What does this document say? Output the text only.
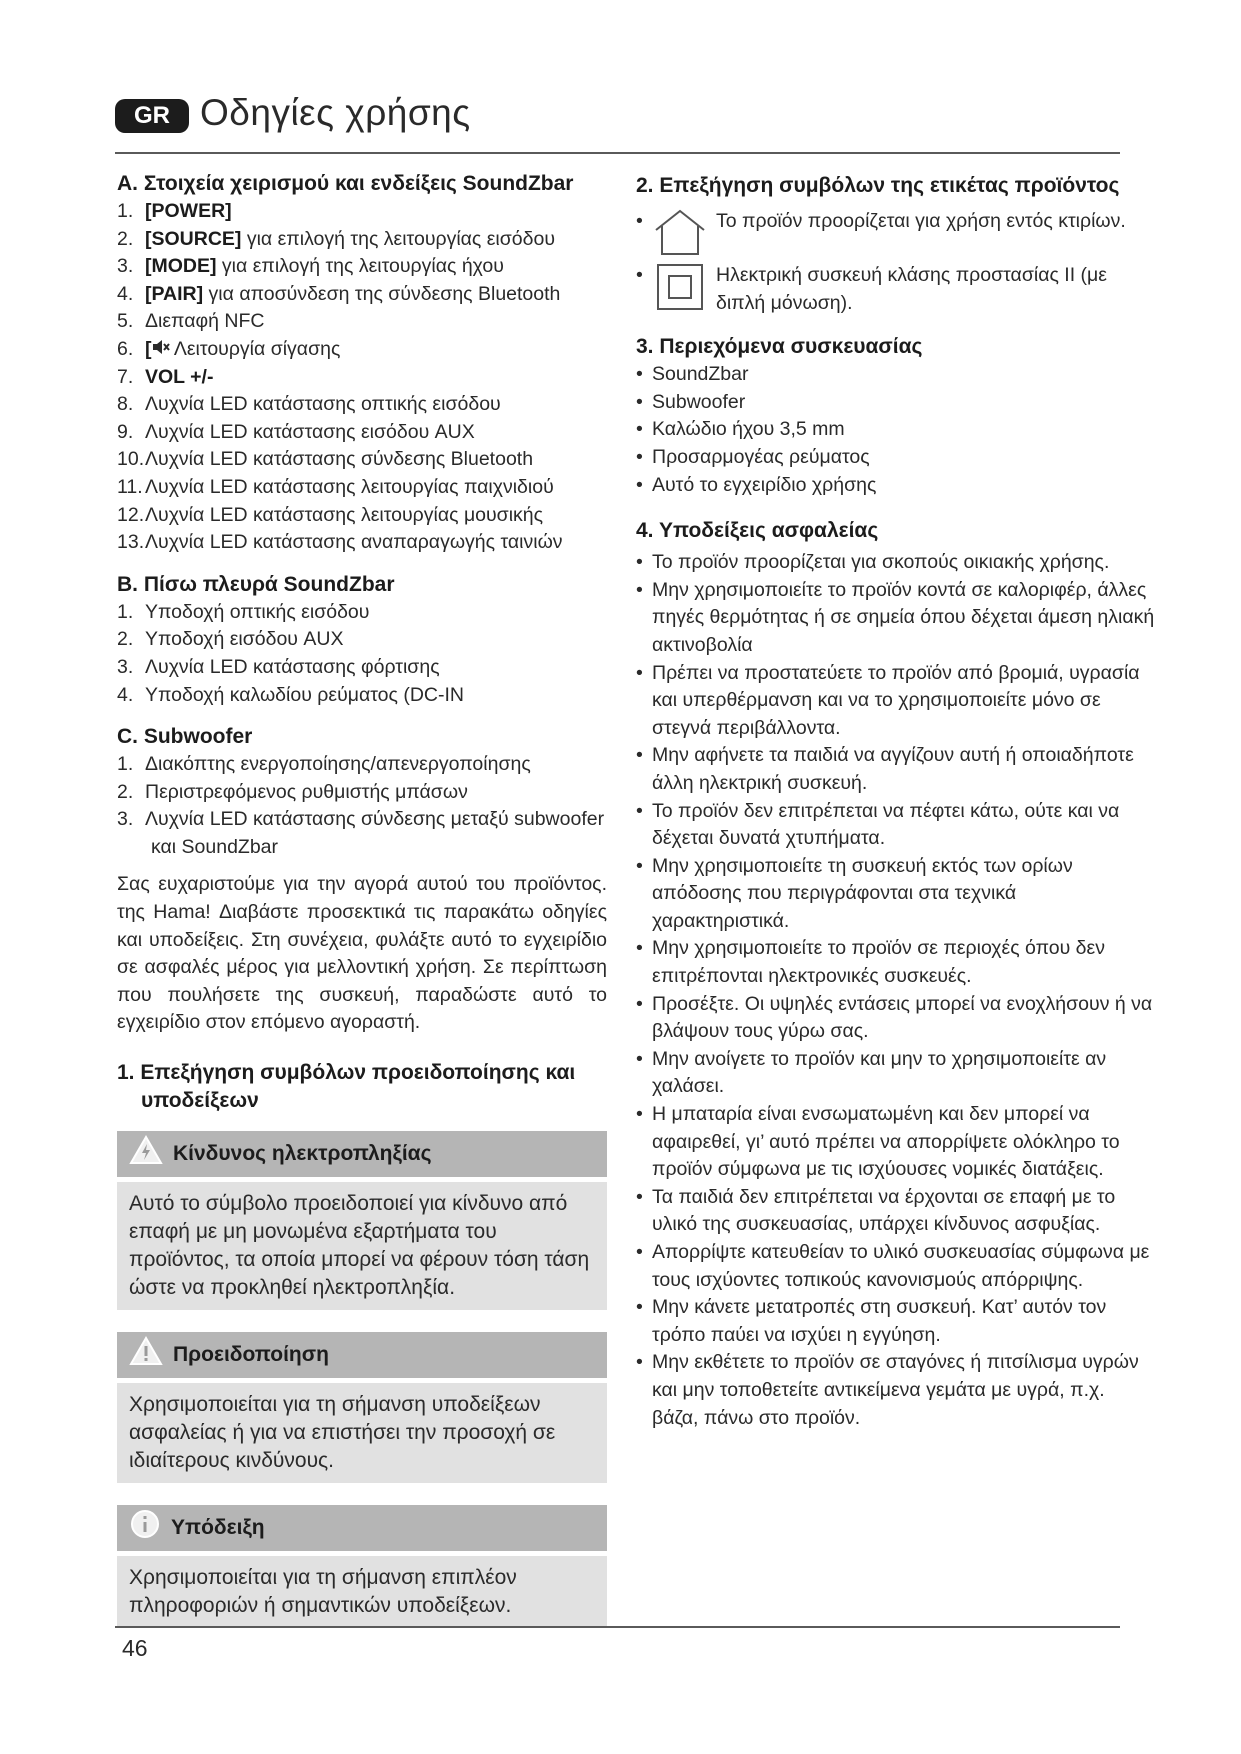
GR Οδηγίες χρήσης
A. Στοιχεία χειρισμού και ενδείξεις SoundZbar
1. [POWER]
2. [SOURCE] για επιλογή της λειτουργίας εισόδου
3. [MODE] για επιλογή της λειτουργίας ήχου
4. [PAIR] για αποσύνδεση της σύνδεσης Bluetooth
5. Διεπαφή NFC
6. [ Λειτουργία σίγασης
7. VOL +/-
8. Λυχνία LED κατάστασης οπτικής εισόδου
9. Λυχνία LED κατάστασης εισόδου AUX
10.Λυχνία LED κατάστασης σύνδεσης Bluetooth
11. Λυχνία LED κατάστασης λειτουργίας παιχνιδιού
12.Λυχνία LED κατάστασης λειτουργίας μουσικής
13.Λυχνία LED κατάστασης αναπαραγωγής ταινιών
B. Πίσω πλευρά SoundZbar
1. Υποδοχή οπτικής εισόδου
2. Υποδοχή εισόδου AUX
3. Λυχνία LED κατάστασης φόρτισης
4. Υποδοχή καλωδίου ρεύματος (DC-IN
C. Subwoofer
1. Διακόπτης ενεργοποίησης/απενεργοποίησης
2. Περιστρεφόμενος ρυθμιστής μπάσων
3. Λυχνία LED κατάστασης σύνδεσης μεταξύ subwoofer
και SoundZbar

Σας ευχαριστούμε για την αγορά αυτού του προϊόντος. της Hama! Διαβάστε προσεκτικά τις παρακάτω οδηγίες και υποδείξεις. Στη συνέχεια, φυλάξτε αυτό το εγχειρίδιο σε ασφαλές μέρος για μελλοντική χρήση. Σε περίπτωση που πουλήσετε της συσκευή, παραδώστε αυτό το εγχειρίδιο στον επόμενο αγοραστή.

1. Επεξήγηση συμβόλων προειδοποίησης και
υποδείξεων
Κίνδυνος ηλεκτροπληξίας
Αυτό το σύμβολο προειδοποιεί για κίνδυνο από επαφή με μη μονωμένα εξαρτήματα του προϊόντος, τα οποία μπορεί να φέρουν τόση τάση ώστε να προκληθεί ηλεκτροπληξία.
Προειδοποίηση
Χρησιμοποιείται για τη σήμανση υποδείξεων ασφαλείας ή για να επιστήσει την προσοχή σε ιδιαίτερους κινδύνους.
Υπόδειξη
Χρησιμοποιείται για τη σήμανση επιπλέον πληροφοριών ή σημαντικών υποδείξεων.
2. Επεξήγηση συμβόλων της ετικέτας προϊόντος
•	Το προϊόν προορίζεται για χρήση εντός κτιρίων.
•	Ηλεκτρική συσκευή κλάσης προστασίας II (με διπλή μόνωση).
3. Περιεχόμενα συσκευασίας
• SoundZbar
• Subwoofer
• Καλώδιο ήχου 3,5 mm
• Προσαρμογέας ρεύματος
• Αυτό το εγχειρίδιο χρήσης
4. Υποδείξεις ασφαλείας
• Το προϊόν προορίζεται για σκοπούς οικιακής χρήσης.
• Μην χρησιμοποιείτε το προϊόν κοντά σε καλοριφέρ, άλλες πηγές θερμότητας ή σε σημεία όπου δέχεται άμεση ηλιακή ακτινοβολία
• Πρέπει να προστατεύετε το προϊόν από βρομιά, υγρασία και υπερθέρμανση και να το χρησιμοποιείτε μόνο σε στεγνά περιβάλλοντα.
• Μην αφήνετε τα παιδιά να αγγίζουν αυτή ή οποιαδήποτε άλλη ηλεκτρική συσκευή.
• Το προϊόν δεν επιτρέπεται να πέφτει κάτω, ούτε και να δέχεται δυνατά χτυπήματα.
• Μην χρησιμοποιείτε τη συσκευή εκτός των ορίων απόδοσης που περιγράφονται στα τεχνικά χαρακτηριστικά.
• Μην χρησιμοποιείτε το προϊόν σε περιοχές όπου δεν επιτρέπονται ηλεκτρονικές συσκευές.
• Προσέξτε. Οι υψηλές εντάσεις μπορεί να ενοχλήσουν ή να βλάψουν τους γύρω σας.
• Μην ανοίγετε το προϊόν και μην το χρησιμοποιείτε αν χαλάσει.
• Η μπαταρία είναι ενσωματωμένη και δεν μπορεί να αφαιρεθεί, γι’ αυτό πρέπει να απορρίψετε ολόκληρο το προϊόν σύμφωνα με τις ισχύουσες νομικές διατάξεις.
• Τα παιδιά δεν επιτρέπεται να έρχονται σε επαφή με το υλικό της συσκευασίας, υπάρχει κίνδυνος ασφυξίας.
• Απορρίψτε κατευθείαν το υλικό συσκευασίας σύμφωνα με τους ισχύοντες τοπικούς κανονισμούς απόρριψης.
• Μην κάνετε μετατροπές στη συσκευή. Κατ’ αυτόν τον τρόπο παύει να ισχύει η εγγύηση.
• Μην εκθέτετε το προϊόν σε σταγόνες ή πιτσίλισμα υγρών και μην τοποθετείτε αντικείμενα γεμάτα με υγρά, π.χ. βάζα, πάνω στο προϊόν.
46
